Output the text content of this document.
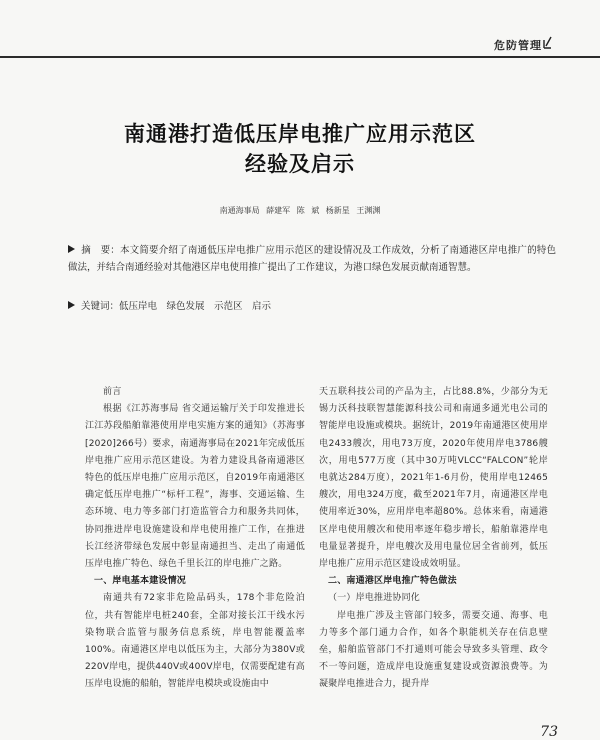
危防管理
南通港打造低压岸电推广应用示范区
经验及启示
南通海事局 薛建军 陈 斌 杨新星 王渊渊
摘　要：本文简要介绍了南通低压岸电推广应用示范区的建设情况及工作成效，分析了南通港区岸电推广的特色做法，并结合南通经验对其他港区岸电使用推广提出了工作建议，为港口绿色发展贡献南通智慧。
关键词：低压岸电　绿色发展　示范区　启示

前言

根据《江苏海事局 省交通运输厅关于印发推进长江江苏段船舶靠港使用岸电实施方案的通知》（苏海事[2020]266号）要求，南通海事局在2021年完成低压岸电推广应用示范区建设。为着力建设具备南通港区特色的低压岸电推广应用示范区，自2019年南通港区确定低压岸电推广“标杆工程”，海事、交通运输、生态环境、电力等多部门打造监管合力和服务共同体，协同推进岸电设施建设和岸电使用推广工作，在推进长江经济带绿色发展中彰显南通担当、走出了南通低压岸电推广特色、绿色千里长江的岸电推广之路。

一、岸电基本建设情况

南通共有72家非危险品码头，178个非危险泊位，共有智能岸电桩240套，全部对接长江干线水污染物联合监管与服务信息系统，岸电智能覆盖率100%。南通港区岸电以低压为主，大部分为380V或220V岸电，提供440V或400V岸电，仅需要配建有高压岸电设施的船舶，智能岸电模块或设施由中

天五联科技公司的产品为主，占比88.8%，少部分为无锡力沃科技联智慧能源科技公司和南通多通光电公司的智能岸电设施或模块。据统计，2019年南通港区使用岸电2433艘次，用电73万度，2020年使用岸电3786艘次，用电577万度（其中30万吨VLCC“FALCON”轮岸电就达284万度），2021年1-6月份，使用岸电12465艘次，用电324万度，截至2021年7月，南通港区岸电使用率近30%，应用岸电率超80%。总体来看，南通港区岸电使用艘次和使用率逐年稳步增长，船舶靠港岸电电量显著提升，岸电艘次及用电量位居全省前列，低压岸电推广应用示范区建设成效明显。

二、南通港区岸电推广特色做法

（一）岸电推进协同化

岸电推广涉及主管部门较多，需要交通、海事、电力等多个部门通力合作，如各个职能机关存在信息壁垒，船舶监管部门不打通则可能会导致多头管理、政令不一等问题，造成岸电设施重复建设或资源浪费等。为凝聚岸电推进合力，提升岸

73
